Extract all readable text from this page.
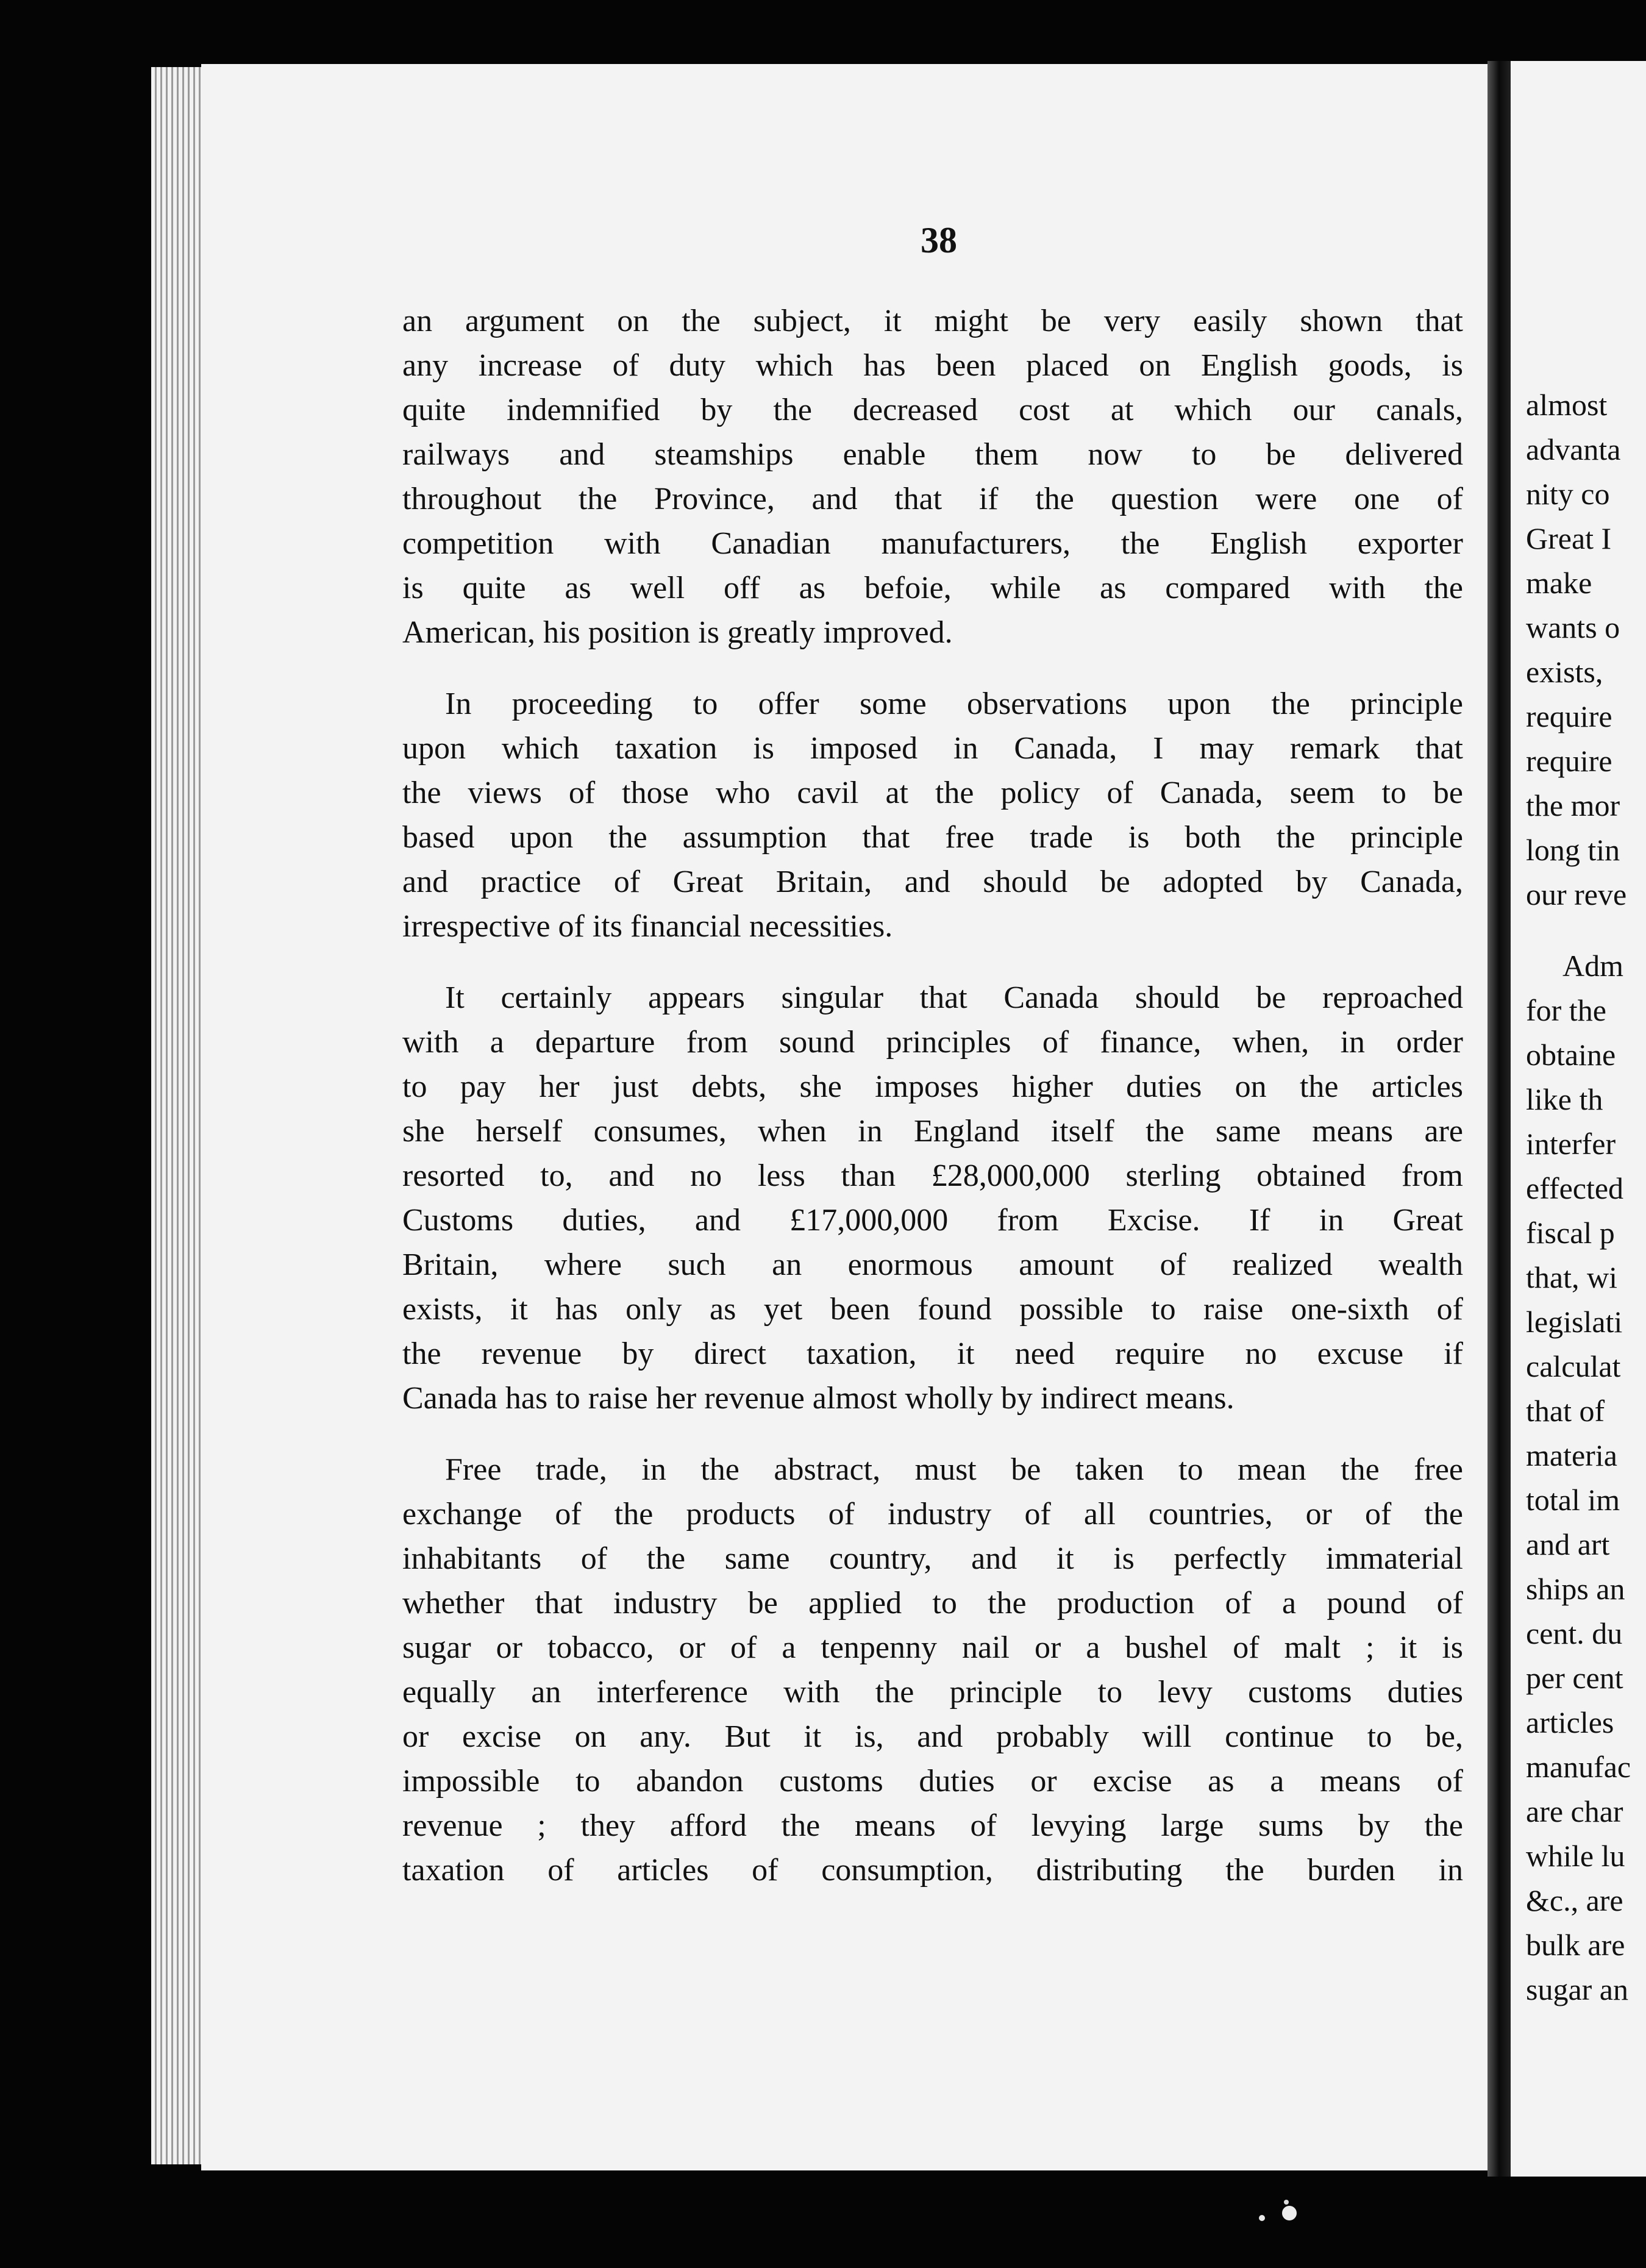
almost
advanta
nity co
Great I
make
wants o
exists,
require
require
the mor
long tin
our reve
Adm
for the
obtaine
like th
interfer
effected
fiscal p
that, wi
legislati
calculat
that of
materia
total im
and art
ships an
cent. du
per cent
articles
manufac
are char
while lu
&c., are
bulk are
sugar an
38
an argument on the subject, it might be very easily shown that
any increase of duty which has been placed on English goods, is
quite indemnified by the decreased cost at which our canals,
railways and steamships enable them now to be delivered
throughout the Province, and that if the question were one of
competition with Canadian manufacturers, the English exporter
is quite as well off as befoie, while as compared with the
American, his position is greatly improved.
In proceeding to offer some observations upon the principle
upon which taxation is imposed in Canada, I may remark that
the views of those who cavil at the policy of Canada, seem to be
based upon the assumption that free trade is both the principle
and practice of Great Britain, and should be adopted by Canada,
irrespective of its financial necessities.
It certainly appears singular that Canada should be reproached
with a departure from sound principles of finance, when, in order
to pay her just debts, she imposes higher duties on the articles
she herself consumes, when in England itself the same means are
resorted to, and no less than £28,000,000 sterling obtained from
Customs duties, and £17,000,000 from Excise. If in Great
Britain, where such an enormous amount of realized wealth
exists, it has only as yet been found possible to raise one-sixth of
the revenue by direct taxation, it need require no excuse if
Canada has to raise her revenue almost wholly by indirect means.
Free trade, in the abstract, must be taken to mean the free
exchange of the products of industry of all countries, or of the
inhabitants of the same country, and it is perfectly immaterial
whether that industry be applied to the production of a pound of
sugar or tobacco, or of a tenpenny nail or a bushel of malt ; it is
equally an interference with the principle to levy customs duties
or excise on any. But it is, and probably will continue to be,
impossible to abandon customs duties or excise as a means of
revenue ; they afford the means of levying large sums by the
taxation of articles of consumption, distributing the burden in
